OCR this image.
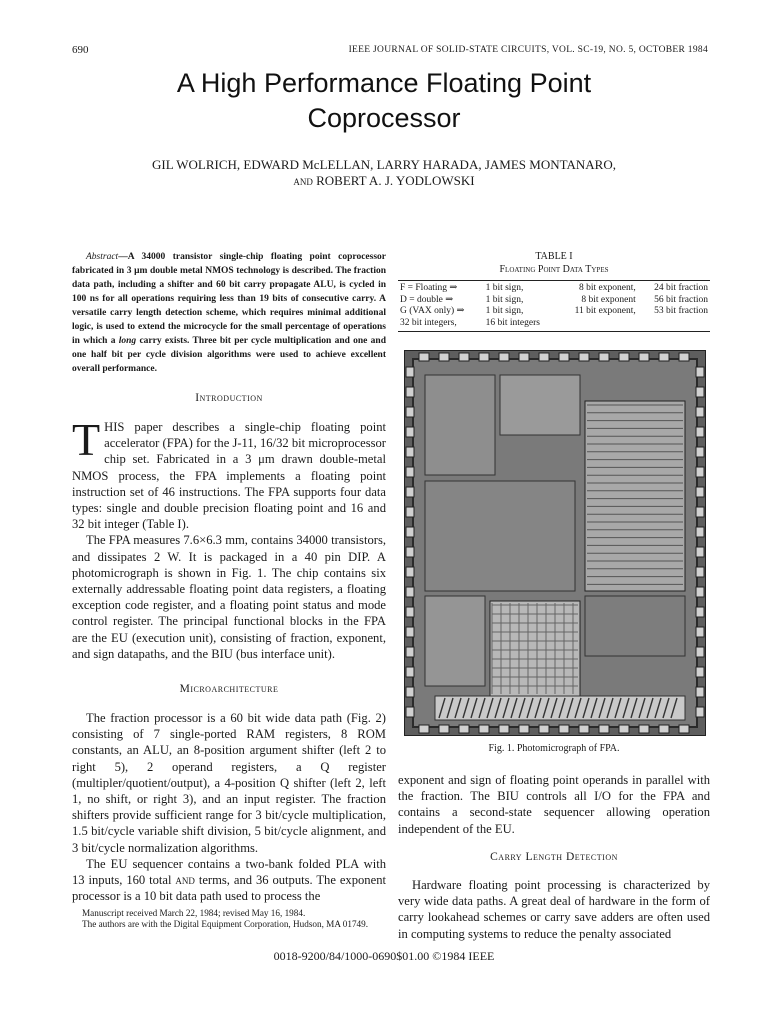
690	IEEE JOURNAL OF SOLID-STATE CIRCUITS, VOL. SC-19, NO. 5, OCTOBER 1984
A High Performance Floating Point
Coprocessor
GIL WOLRICH, EDWARD McLELLAN, LARRY HARADA, JAMES MONTANARO,
and ROBERT A. J. YODLOWSKI
Abstract—A 34000 transistor single-chip floating point coprocessor fabricated in 3 μm double metal NMOS technology is described. The fraction data path, including a shifter and 60 bit carry propagate ALU, is cycled in 100 ns for all operations requiring less than 19 bits of consecutive carry. A versatile carry length detection scheme, which requires minimal additional logic, is used to extend the microcycle for the small percentage of operations in which a long carry exists. Three bit per cycle multiplication and one and one half bit per cycle division algorithms were used to achieve excellent overall performance.
Introduction

THIS paper describes a single-chip floating point accelerator (FPA) for the J-11, 16/32 bit microprocessor chip set. Fabricated in a 3 μm drawn double-metal NMOS process, the FPA implements a floating point instruction set of 46 instructions. The FPA supports four data types: single and double precision floating point and 16 and 32 bit integer (Table I).

The FPA measures 7.6×6.3 mm, contains 34000 transistors, and dissipates 2 W. It is packaged in a 40 pin DIP. A photomicrograph is shown in Fig. 1. The chip contains six externally addressable floating point data registers, a floating exception code register, and a floating point status and mode control register. The principal functional blocks in the FPA are the EU (execution unit), consisting of fraction, exponent, and sign datapaths, and the BIU (bus interface unit).

Microarchitecture

The fraction processor is a 60 bit wide data path (Fig. 2) consisting of 7 single-ported RAM registers, 8 ROM constants, an ALU, an 8-position argument shifter (left 2 to right 5), 2 operand registers, a Q register (multipler/quotient/output), a 4-position Q shifter (left 2, left 1, no shift, or right 3), and an input register. The fraction shifters provide sufficient range for 3 bit/cycle multiplication, 1.5 bit/cycle variable shift division, 5 bit/cycle alignment, and 3 bit/cycle normalization algorithms.

The EU sequencer contains a two-bank folded PLA with 13 inputs, 160 total and terms, and 36 outputs. The exponent processor is a 10 bit data path used to process the

Manuscript received March 22, 1984; revised May 16, 1984.

The authors are with the Digital Equipment Corporation, Hudson, MA 01749.

TABLE I
Floating Point Data Types
F = Floating ⇒	1 bit sign,	8 bit exponent,	24 bit fraction
D = double ⇒	1 bit sign,	8 bit exponent	56 bit fraction
G (VAX only) ⇒	1 bit sign,	11 bit exponent,	53 bit fraction
32 bit integers,	16 bit integers		
Fig. 1. Photomicrograph of FPA.

exponent and sign of floating point operands in parallel with the fraction. The BIU controls all I/O for the FPA and contains a second-state sequencer allowing operation independent of the EU.

Carry Length Detection

Hardware floating point processing is characterized by very wide data paths. A great deal of hardware in the form of carry lookahead schemes or carry save adders are often used in computing systems to reduce the penalty associated

0018-9200/84/1000-0690$01.00 ©1984 IEEE
